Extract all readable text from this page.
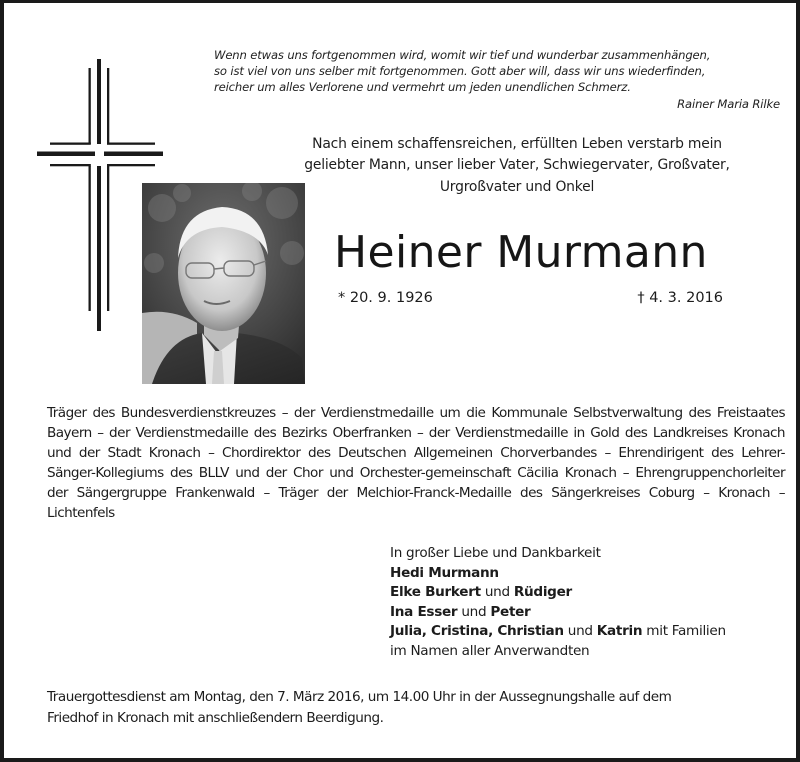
Wenn etwas uns fortgenommen wird, womit wir tief und wunderbar zusammenhängen,
so ist viel von uns selber mit fortgenommen. Gott aber will, dass wir uns wiederfinden,
reicher um alles Verlorene und vermehrt um jeden unendlichen Schmerz.
Rainer Maria Rilke
Nach einem schaffensreichen, erfüllten Leben verstarb mein
geliebter Mann, unser lieber Vater, Schwiegervater, Großvater,
Urgroßvater und Onkel
Heiner Murmann
* 20. 9. 1926	† 4. 3. 2016
Träger des Bundesverdienstkreuzes – der Verdienstmedaille um die Kommunale Selbstverwaltung des Freistaates Bayern – der Verdienstmedaille des Bezirks Oberfranken – der Verdienstmedaille in Gold des Landkreises Kronach und der Stadt Kronach – Chordirektor des Deutschen Allgemeinen Chorverbandes – Ehrendirigent des Lehrer-Sänger-Kollegiums des BLLV und der Chor und Orchester-gemeinschaft Cäcilia Kronach – Ehrengruppenchorleiter der Sängergruppe Frankenwald – Träger der Melchior-Franck-Medaille des Sängerkreises Coburg – Kronach – Lichtenfels
In großer Liebe und Dankbarkeit
Hedi Murmann
Elke Burkert und Rüdiger
Ina Esser und Peter
Julia, Cristina, Christian und Katrin mit Familien
im Namen aller Anverwandten
Trauergottesdienst am Montag, den 7. März 2016, um 14.00 Uhr in der Aussegnungshalle auf dem
Friedhof in Kronach mit anschließendern Beerdigung.
